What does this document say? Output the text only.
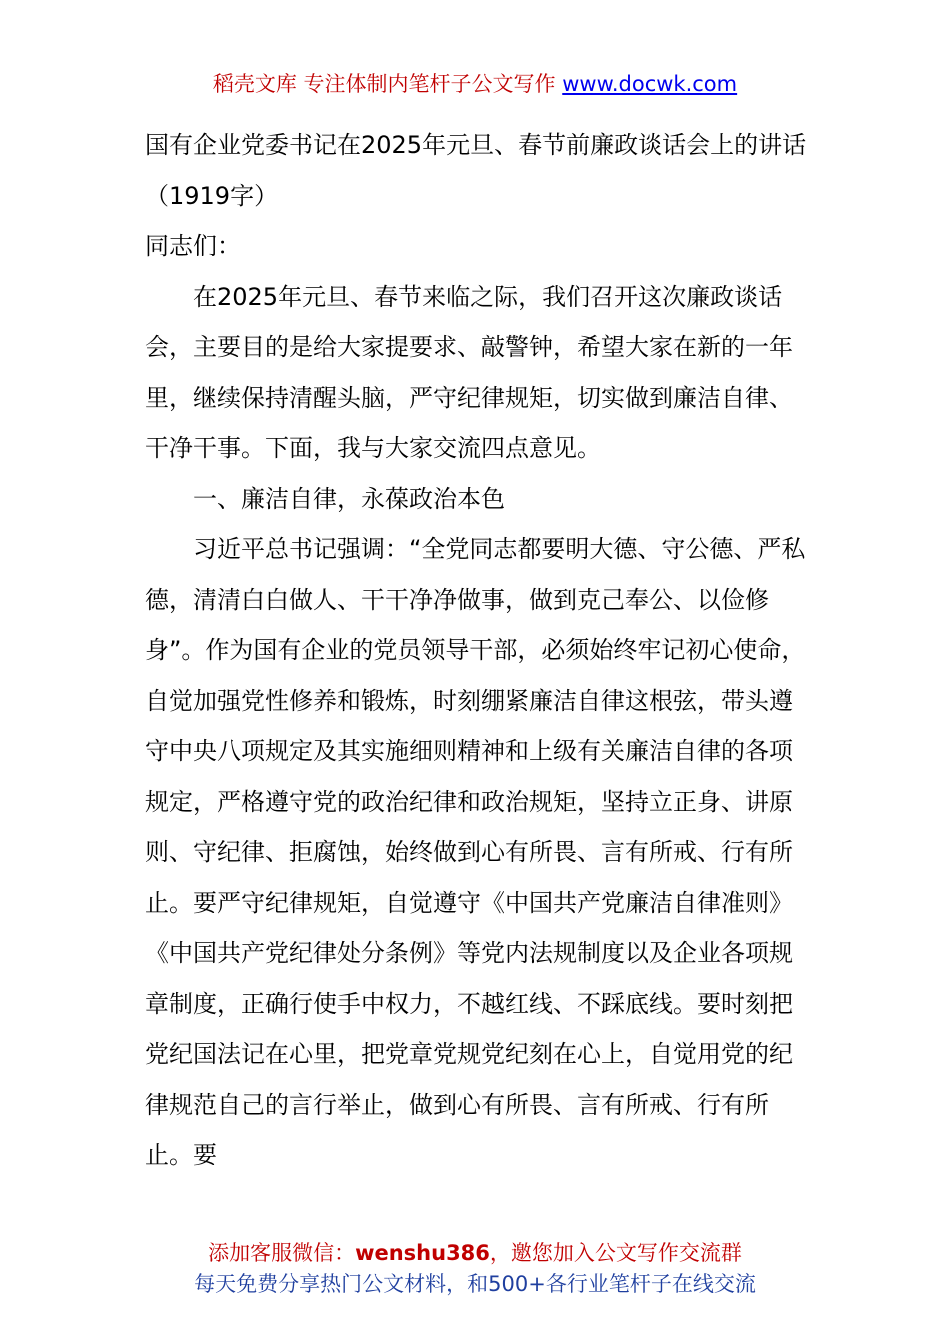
稻壳文库 专注体制内笔杆子公文写作 www.docwk.com

国有企业党委书记在2025年元旦、春节前廉政谈话会上的讲话（1919字）

同志们：

在2025年元旦、春节来临之际，我们召开这次廉政谈话会，主要目的是给大家提要求、敲警钟，希望大家在新的一年里，继续保持清醒头脑，严守纪律规矩，切实做到廉洁自律、干净干事。下面，我与大家交流四点意见。

一、廉洁自律，永葆政治本色

习近平总书记强调：“全党同志都要明大德、守公德、严私德，清清白白做人、干干净净做事，做到克己奉公、以俭修身”。作为国有企业的党员领导干部，必须始终牢记初心使命，自觉加强党性修养和锻炼，时刻绷紧廉洁自律这根弦，带头遵守中央八项规定及其实施细则精神和上级有关廉洁自律的各项规定，严格遵守党的政治纪律和政治规矩，坚持立正身、讲原则、守纪律、拒腐蚀，始终做到心有所畏、言有所戒、行有所止。要严守纪律规矩，自觉遵守《中国共产党廉洁自律准则》《中国共产党纪律处分条例》等党内法规制度以及企业各项规章制度，正确行使手中权力，不越红线、不踩底线。要时刻把党纪国法记在心里，把党章党规党纪刻在心上，自觉用党的纪律规范自己的言行举止，做到心有所畏、言有所戒、行有所止。要

添加客服微信：wenshu386，邀您加入公文写作交流群
每天免费分享热门公文材料，和500+各行业笔杆子在线交流
